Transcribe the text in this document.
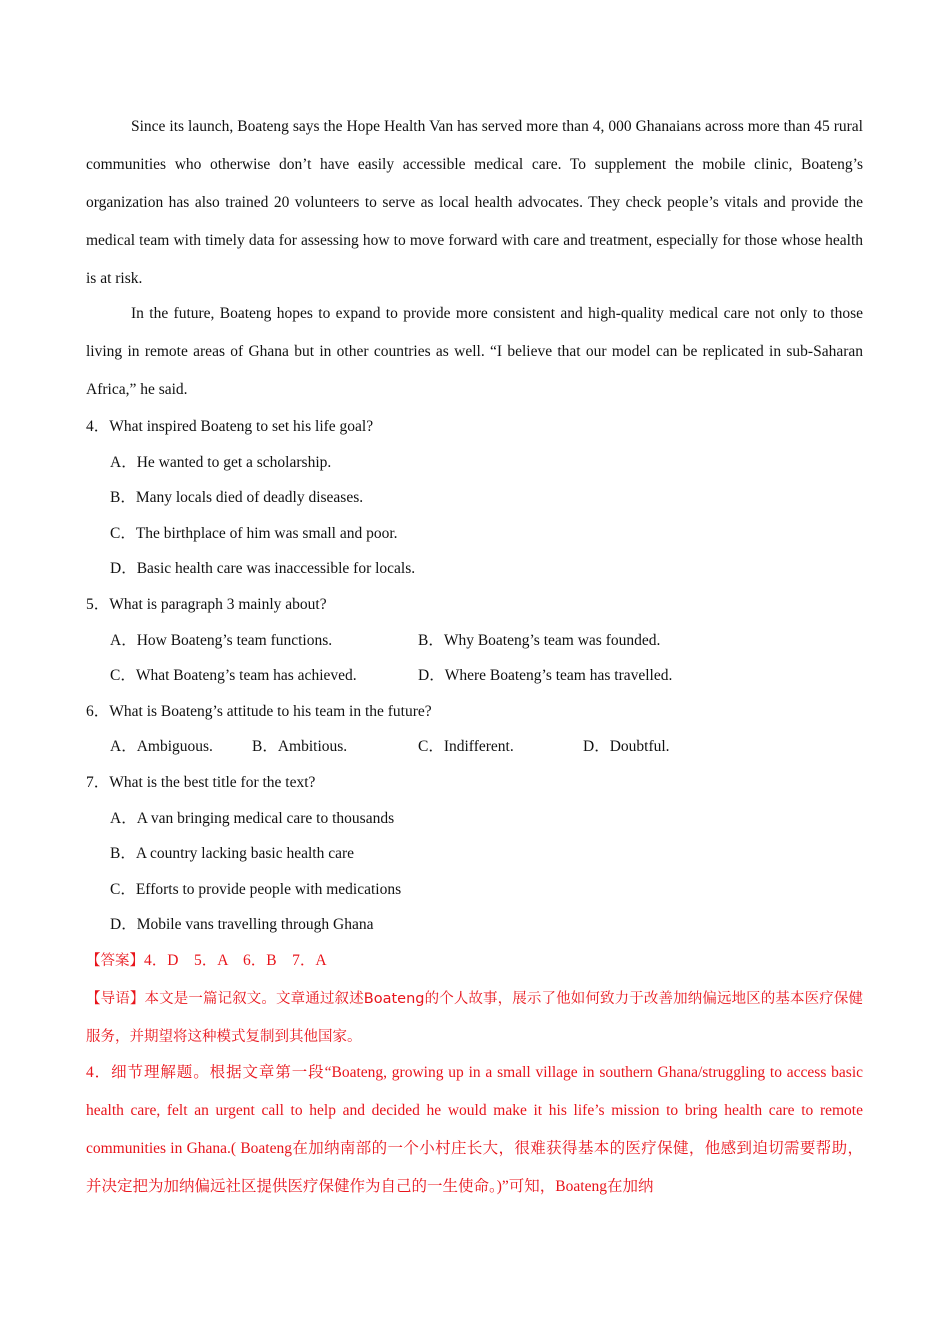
Since its launch, Boateng says the Hope Health Van has served more than 4, 000 Ghanaians across more than 45 rural communities who otherwise don’t have easily accessible medical care. To supplement the mobile clinic, Boateng’s organization has also trained 20 volunteers to serve as local health advocates. They check people’s vitals and provide the medical team with timely data for assessing how to move forward with care and treatment, especially for those whose health is at risk.

In the future, Boateng hopes to expand to provide more consistent and high-quality medical care not only to those living in remote areas of Ghana but in other countries as well. “I believe that our model can be replicated in sub-Saharan Africa,” he said.

4．What inspired Boateng to set his life goal?

A．He wanted to get a scholarship.

B．Many locals died of deadly diseases.

C．The birthplace of him was small and poor.

D．Basic health care was inaccessible for locals.

5．What is paragraph 3 mainly about?

A．How Boateng’s team functions.	B．Why Boateng’s team was founded.
C．What Boateng’s team has achieved.	D．Where Boateng’s team has travelled.

6．What is Boateng’s attitude to his team in the future?

A．Ambiguous.	B．Ambitious.	C．Indifferent.	D．Doubtful.

7．What is the best title for the text?

A．A van bringing medical care to thousands

B．A country lacking basic health care

C．Efforts to provide people with medications

D．Mobile vans travelling through Ghana

【答案】4．D　5．A　6．B　7．A

【导语】本文是一篇记叙文。文章通过叙述Boateng的个人故事，展示了他如何致力于改善加纳偏远地区的基本医疗保健服务，并期望将这种模式复制到其他国家。

4．细节理解题。根据文章第一段“Boateng, growing up in a small village in southern Ghana/struggling to access basic health care, felt an urgent call to help and decided he would make it his life’s mission to bring health care to remote communities in Ghana.( Boateng在加纳南部的一个小村庄长大，很难获得基本的医疗保健，他感到迫切需要帮助，并决定把为加纳偏远社区提供医疗保健作为自己的一生使命。)”可知，Boateng在加纳
